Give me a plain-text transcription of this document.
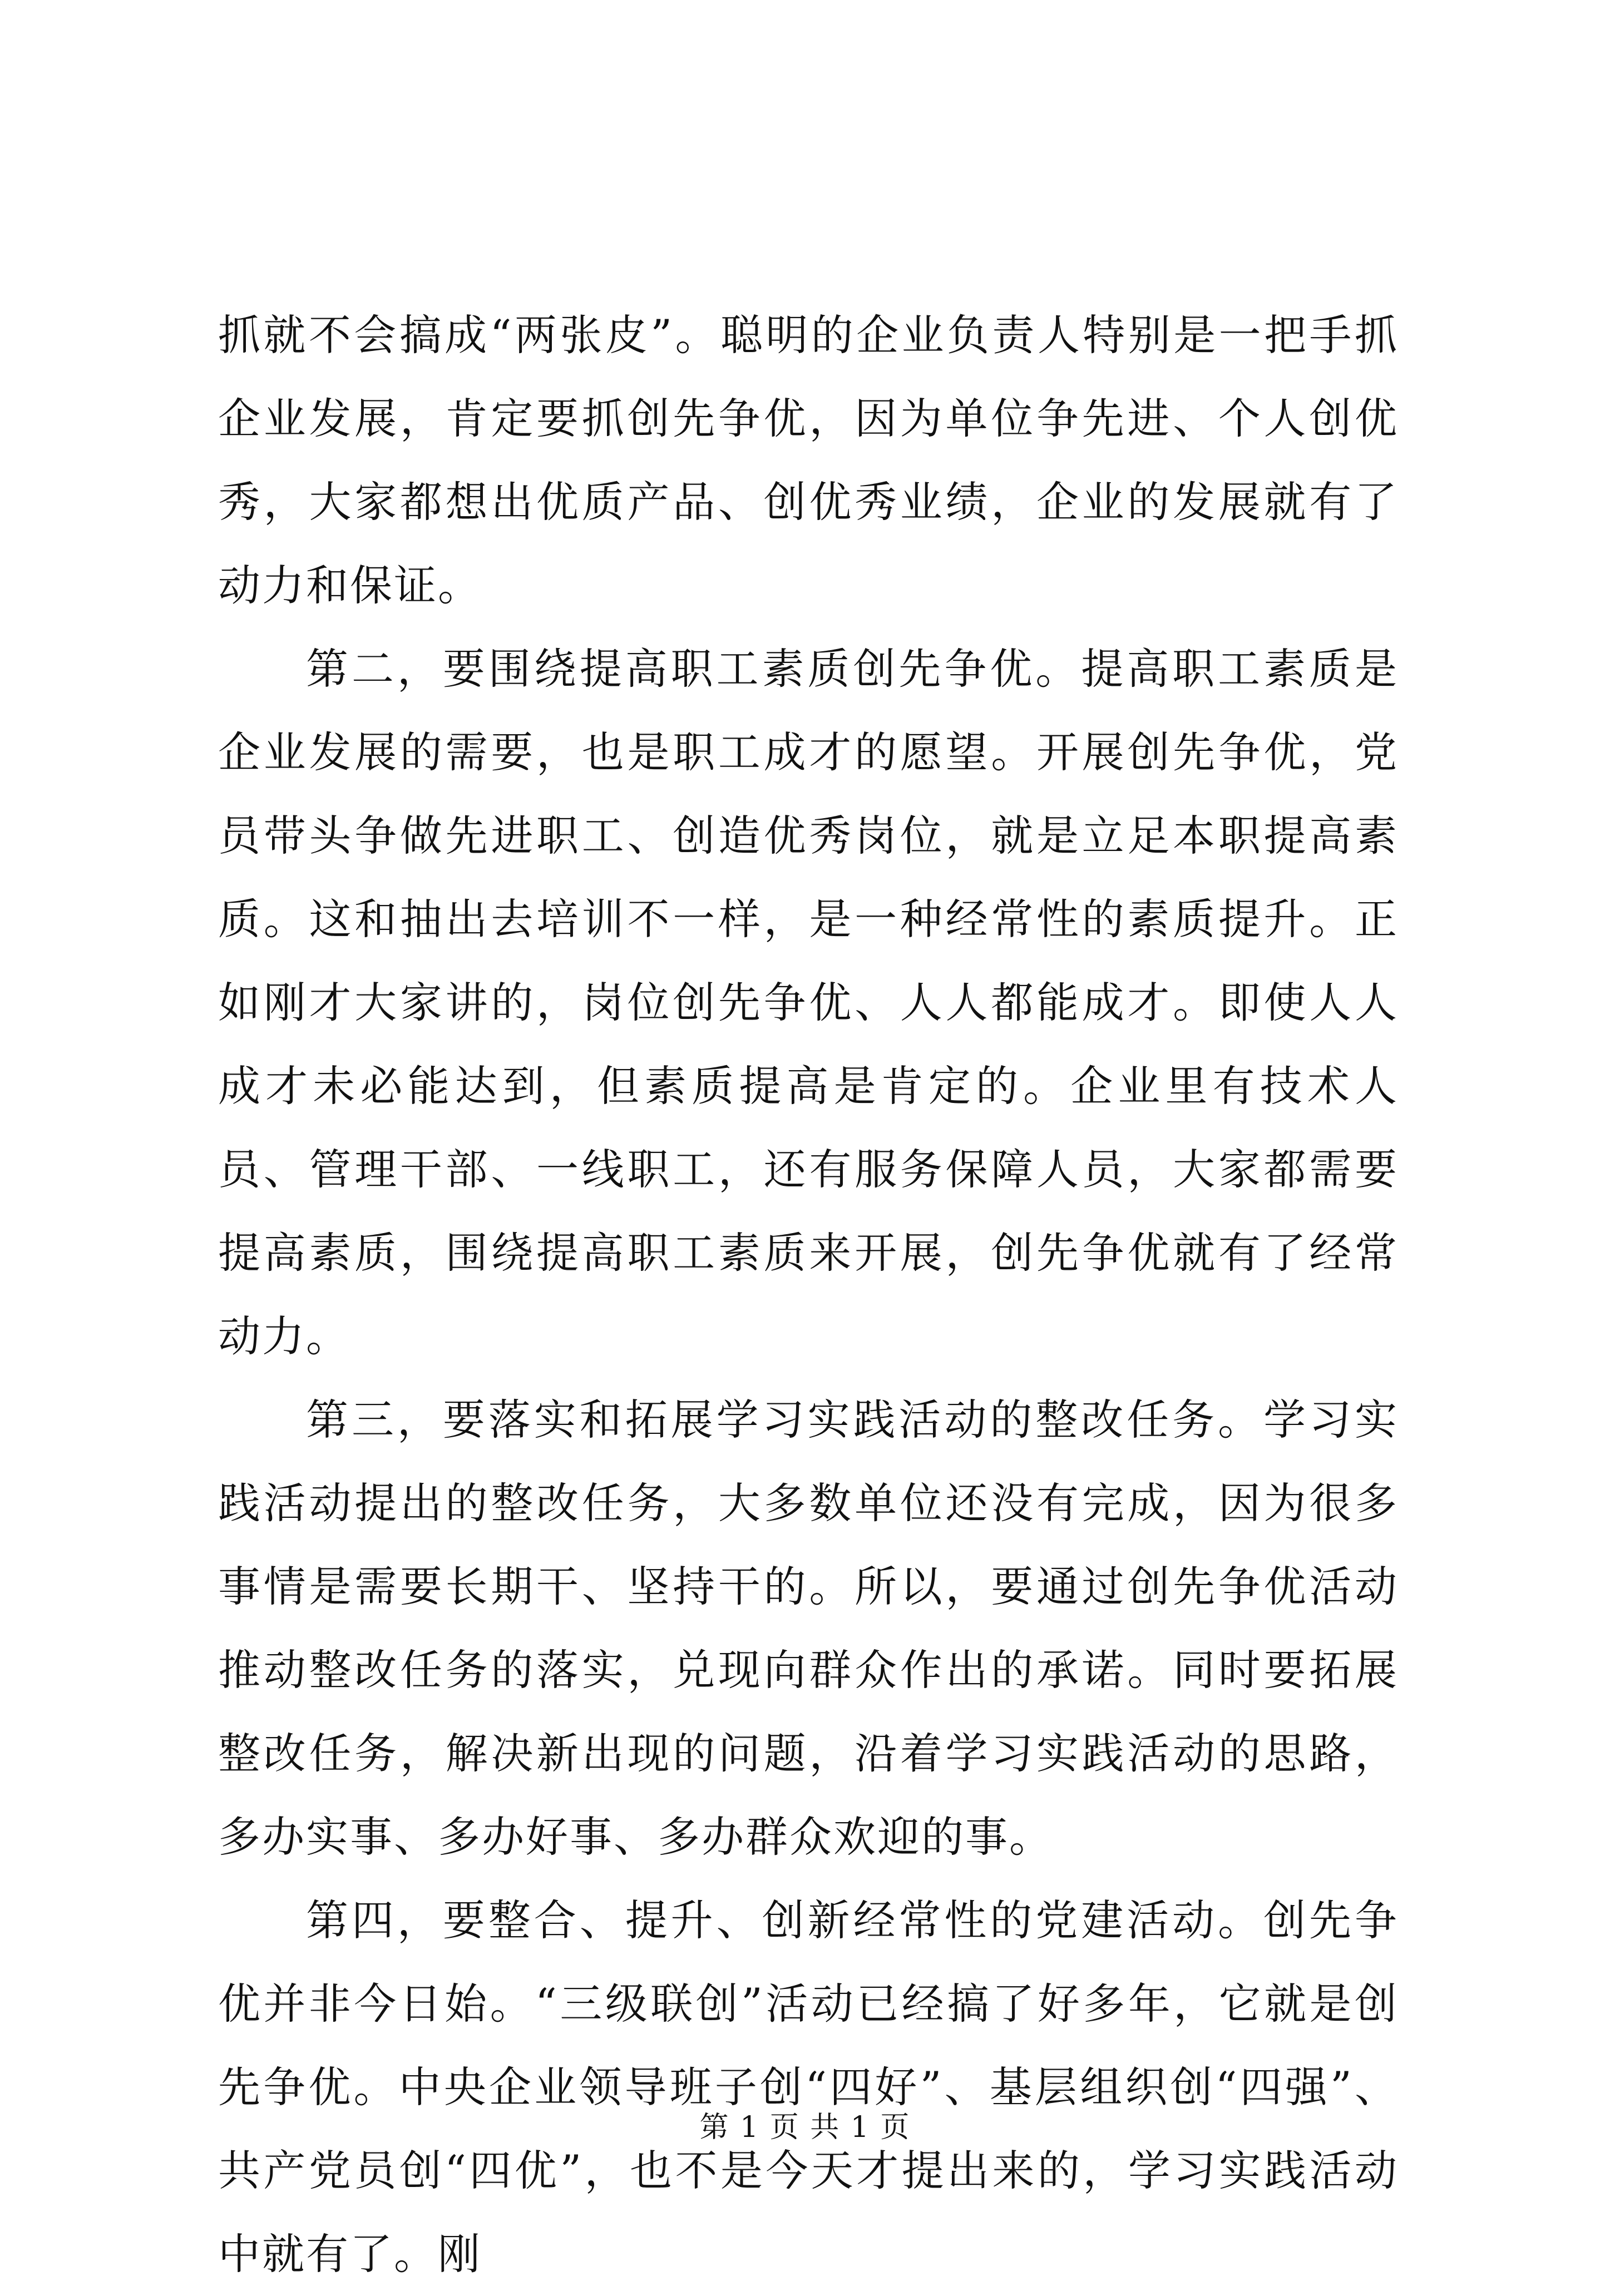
抓就不会搞成“两张皮”。聪明的企业负责人特别是一把手抓企业发展，肯定要抓创先争优，因为单位争先进、个人创优秀，大家都想出优质产品、创优秀业绩，企业的发展就有了动力和保证。

第二，要围绕提高职工素质创先争优。提高职工素质是企业发展的需要，也是职工成才的愿望。开展创先争优，党员带头争做先进职工、创造优秀岗位，就是立足本职提高素质。这和抽出去培训不一样，是一种经常性的素质提升。正如刚才大家讲的，岗位创先争优、人人都能成才。即使人人成才未必能达到，但素质提高是肯定的。企业里有技术人员、管理干部、一线职工，还有服务保障人员，大家都需要提高素质，围绕提高职工素质来开展，创先争优就有了经常动力。

第三，要落实和拓展学习实践活动的整改任务。学习实践活动提出的整改任务，大多数单位还没有完成，因为很多事情是需要长期干、坚持干的。所以，要通过创先争优活动推动整改任务的落实，兑现向群众作出的承诺。同时要拓展整改任务，解决新出现的问题，沿着学习实践活动的思路，多办实事、多办好事、多办群众欢迎的事。

第四，要整合、提升、创新经常性的党建活动。创先争优并非今日始。“三级联创”活动已经搞了好多年，它就是创先争优。中央企业领导班子创“四好”、基层组织创“四强”、共产党员创“四优”，也不是今天才提出来的，学习实践活动中就有了。刚

第 1 页 共 1 页
